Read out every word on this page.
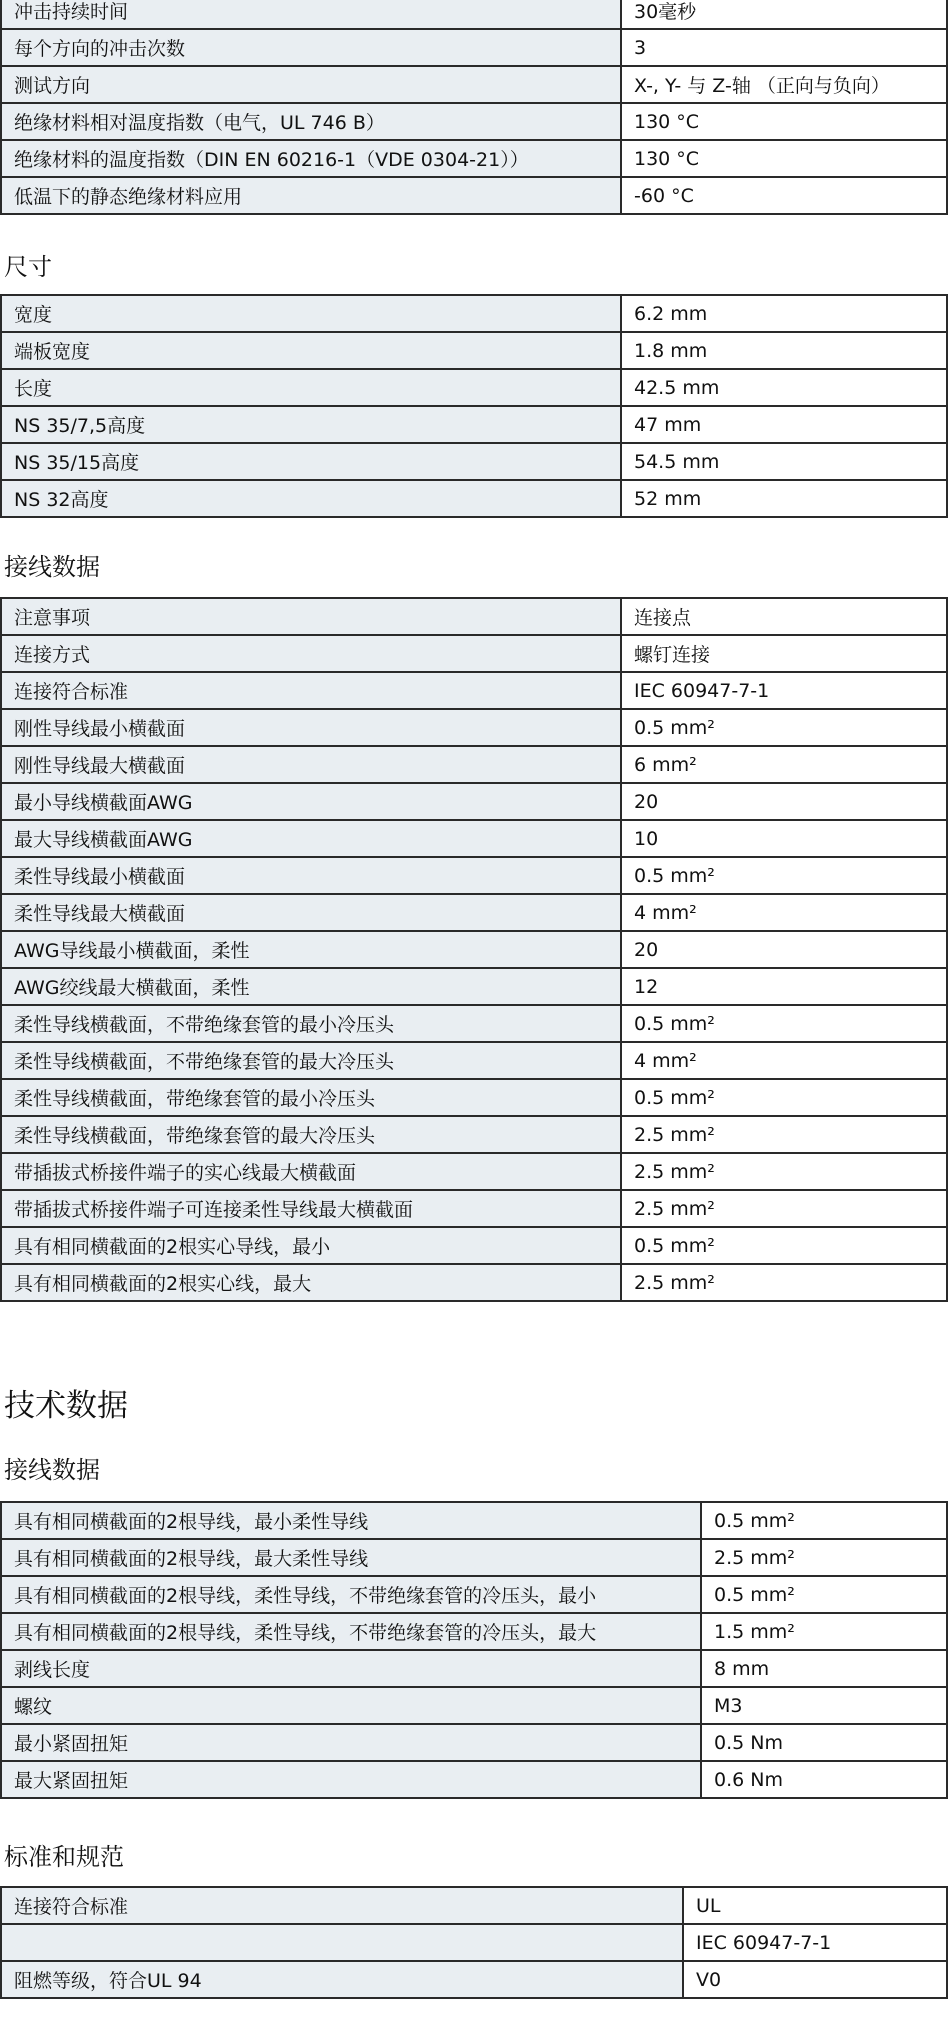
冲击持续时间	30毫秒
每个方向的冲击次数	3
测试方向	X-, Y- 与 Z-轴 （正向与负向）
绝缘材料相对温度指数（电气，UL 746 B）	130 °C
绝缘材料的温度指数（DIN EN 60216-1（VDE 0304-21））	130 °C
低温下的静态绝缘材料应用	-60 °C
尺寸
宽度	6.2 mm
端板宽度	1.8 mm
长度	42.5 mm
NS 35/7,5高度	47 mm
NS 35/15高度	54.5 mm
NS 32高度	52 mm
接线数据
注意事项	连接点
连接方式	螺钉连接
连接符合标准	IEC 60947-7-1
刚性导线最小横截面	0.5 mm²
刚性导线最大横截面	6 mm²
最小导线横截面AWG	20
最大导线横截面AWG	10
柔性导线最小横截面	0.5 mm²
柔性导线最大横截面	4 mm²
AWG导线最小横截面，柔性	20
AWG绞线最大横截面，柔性	12
柔性导线横截面，不带绝缘套管的最小冷压头	0.5 mm²
柔性导线横截面，不带绝缘套管的最大冷压头	4 mm²
柔性导线横截面，带绝缘套管的最小冷压头	0.5 mm²
柔性导线横截面，带绝缘套管的最大冷压头	2.5 mm²
带插拔式桥接件端子的实心线最大横截面	2.5 mm²
带插拔式桥接件端子可连接柔性导线最大横截面	2.5 mm²
具有相同横截面的2根实心导线，最小	0.5 mm²
具有相同横截面的2根实心线，最大	2.5 mm²
技术数据
接线数据
具有相同横截面的2根导线，最小柔性导线	0.5 mm²
具有相同横截面的2根导线，最大柔性导线	2.5 mm²
具有相同横截面的2根导线，柔性导线，不带绝缘套管的冷压头，最小	0.5 mm²
具有相同横截面的2根导线，柔性导线，不带绝缘套管的冷压头，最大	1.5 mm²
剥线长度	8 mm
螺纹	M3
最小紧固扭矩	0.5 Nm
最大紧固扭矩	0.6 Nm
标准和规范
连接符合标准	UL
	IEC 60947-7-1
阻燃等级，符合UL 94	V0
